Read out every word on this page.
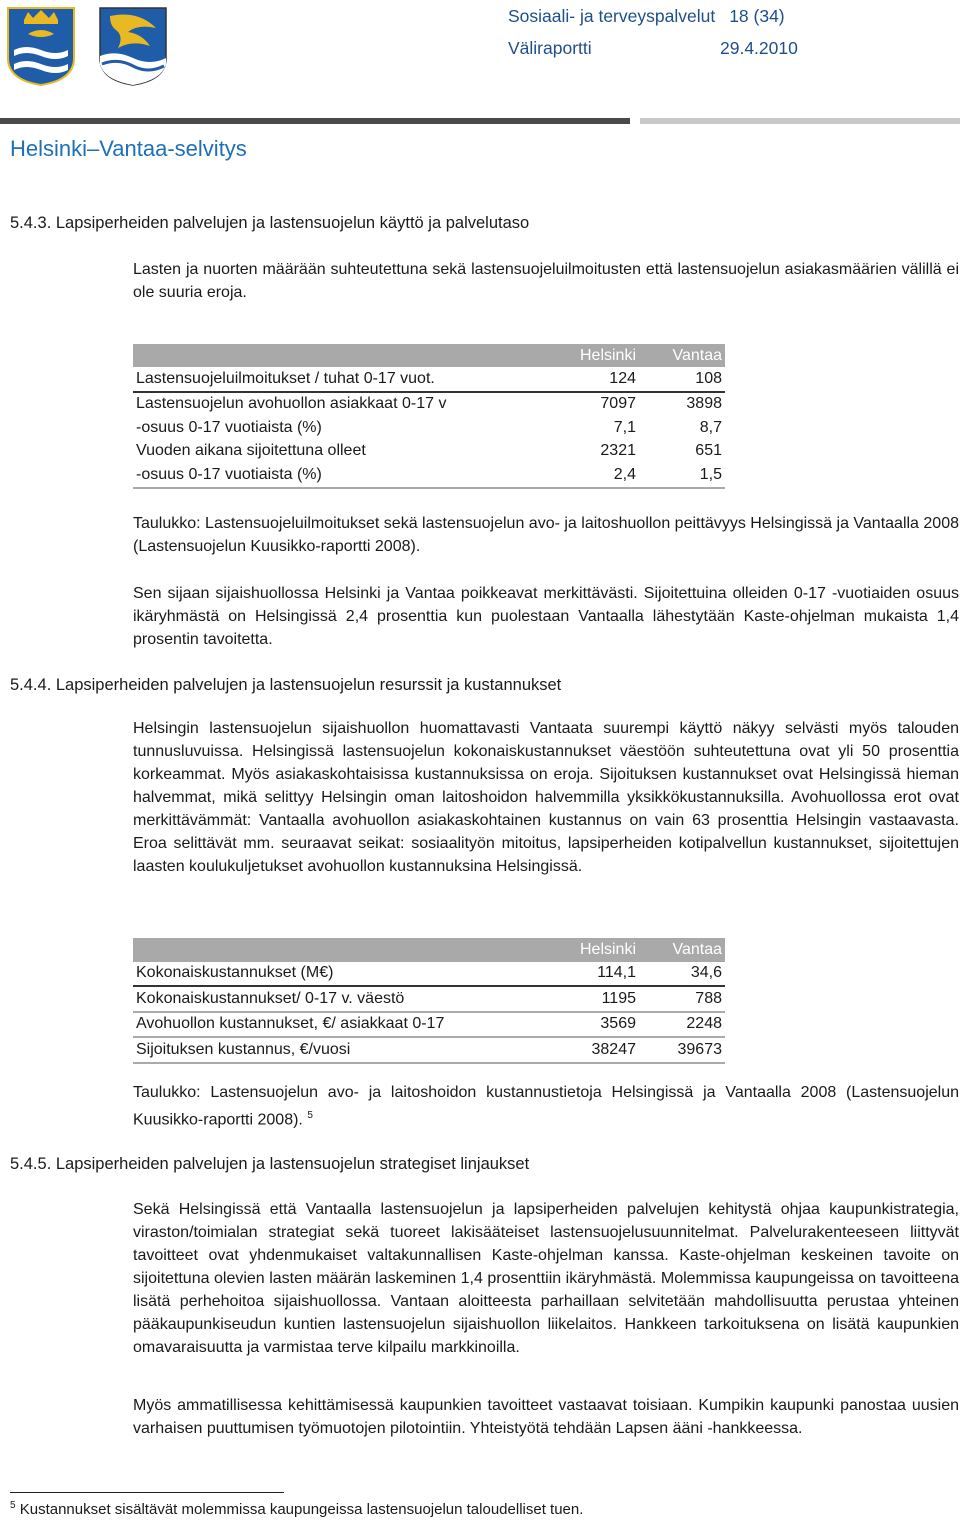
Sosiaali- ja terveyspalvelut 18 (34)
Väliraportti	29.4.2010
Helsinki–Vantaa-selvitys
5.4.3. Lapsiperheiden palvelujen ja lastensuojelun käyttö ja palvelutaso
Lasten ja nuorten määrään suhteutettuna sekä lastensuojeluilmoitusten että lastensuojelun asiakasmäärien välillä ei ole suuria eroja.
	Helsinki	Vantaa
Lastensuojeluilmoitukset / tuhat 0-17 vuot.	124	108
Lastensuojelun avohuollon asiakkaat 0-17 v	7097	3898
-osuus 0-17 vuotiaista (%)	7,1	8,7
Vuoden aikana sijoitettuna olleet	2321	651
-osuus 0-17 vuotiaista (%)	2,4	1,5
Taulukko: Lastensuojeluilmoitukset sekä lastensuojelun avo- ja laitoshuollon peittävyys Helsingissä ja Vantaalla 2008 (Lastensuojelun Kuusikko-raportti 2008).
Sen sijaan sijaishuollossa Helsinki ja Vantaa poikkeavat merkittävästi. Sijoitettuina olleiden 0-17 -vuotiaiden osuus ikäryhmästä on Helsingissä 2,4 prosenttia kun puolestaan Vantaalla lähestytään Kaste-ohjelman mukaista 1,4 prosentin tavoitetta.
5.4.4. Lapsiperheiden palvelujen ja lastensuojelun resurssit ja kustannukset
Helsingin lastensuojelun sijaishuollon huomattavasti Vantaata suurempi käyttö näkyy selvästi myös talouden tunnusluvuissa. Helsingissä lastensuojelun kokonaiskustannukset väestöön suhteutettuna ovat yli 50 prosenttia korkeammat. Myös asiakaskohtaisissa kustannuksissa on eroja. Sijoituksen kustannukset ovat Helsingissä hieman halvemmat, mikä selittyy Helsingin oman laitoshoidon halvemmilla yksikkökustannuksilla. Avohuollossa erot ovat merkittävämmät: Vantaalla avohuollon asiakaskohtainen kustannus on vain 63 prosenttia Helsingin vastaavasta. Eroa selittävät mm. seuraavat seikat: sosiaalityön mitoitus, lapsiperheiden kotipalvellun kustannukset, sijoitettujen laasten koulukuljetukset avohuollon kustannuksina Helsingissä.
	Helsinki	Vantaa
Kokonaiskustannukset (M€)	114,1	34,6
Kokonaiskustannukset/ 0-17 v. väestö	1195	788
Avohuollon kustannukset, €/ asiakkaat 0-17	3569	2248
Sijoituksen kustannus, €/vuosi	38247	39673
Taulukko: Lastensuojelun avo- ja laitoshoidon kustannustietoja Helsingissä ja Vantaalla 2008 (Lastensuojelun Kuusikko-raportti 2008). $^5$
5.4.5. Lapsiperheiden palvelujen ja lastensuojelun strategiset linjaukset
Sekä Helsingissä että Vantaalla lastensuojelun ja lapsiperheiden palvelujen kehitystä ohjaa kaupunkistrategia, viraston/toimialan strategiat sekä tuoreet lakisääteiset lastensuojelusuunnitelmat. Palvelurakenteeseen liittyvät tavoitteet ovat yhdenmukaiset valtakunnallisen Kaste-ohjelman kanssa. Kaste-ohjelman keskeinen tavoite on sijoitettuna olevien lasten määrän laskeminen 1,4 prosenttiin ikäryhmästä. Molemmissa kaupungeissa on tavoitteena lisätä perhehoitoa sijaishuollossa. Vantaan aloitteesta parhaillaan selvitetään mahdollisuutta perustaa yhteinen pääkaupunkiseudun kuntien lastensuojelun sijaishuollon liikelaitos. Hankkeen tarkoituksena on lisätä kaupunkien omavaraisuutta ja varmistaa terve kilpailu markkinoilla.
Myös ammatillisessa kehittämisessä kaupunkien tavoitteet vastaavat toisiaan. Kumpikin kaupunki panostaa uusien varhaisen puuttumisen työmuotojen pilotointiin. Yhteistyötä tehdään Lapsen ääni -hankkeessa.
$^5$ Kustannukset sisältävät molemmissa kaupungeissa lastensuojelun taloudelliset tuen.
